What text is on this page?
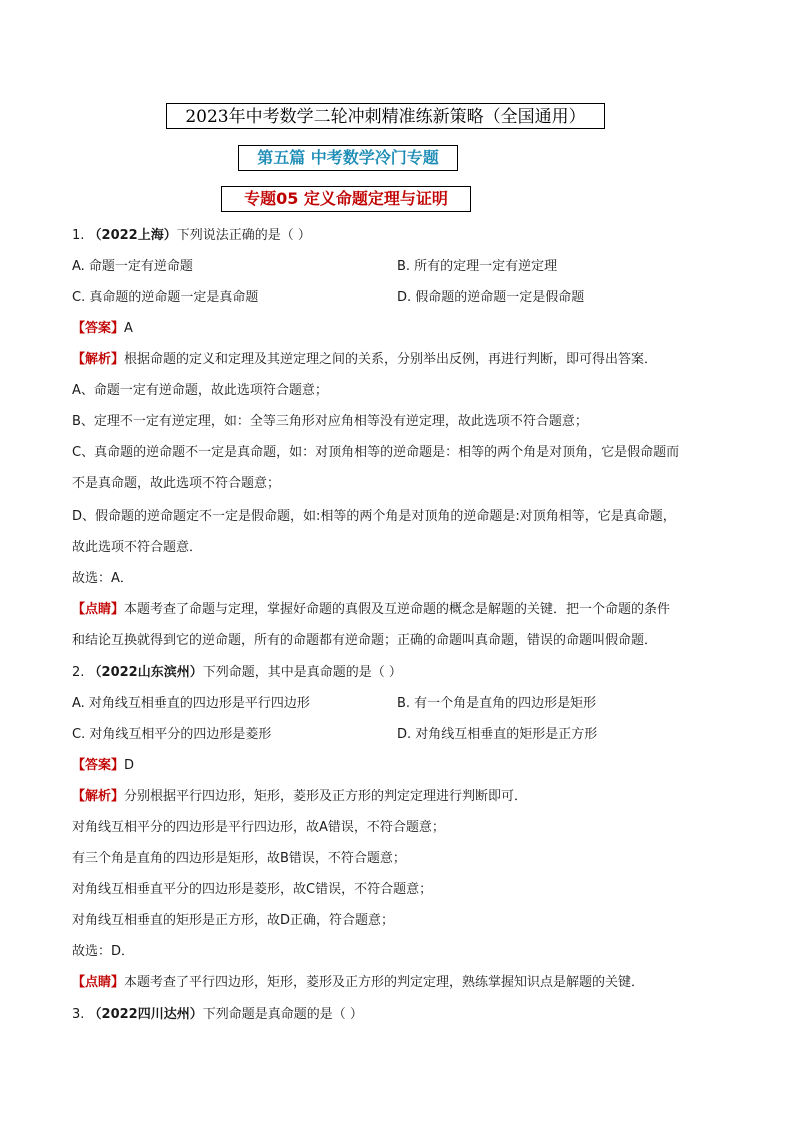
2023年中考数学二轮冲刺精准练新策略（全国通用）
第五篇 中考数学冷门专题
专题05 定义命题定理与证明
1. （2022上海）下列说法正确的是（ ）
A. 命题一定有逆命题	B. 所有的定理一定有逆定理
C. 真命题的逆命题一定是真命题	D. 假命题的逆命题一定是假命题
【答案】A
【解析】根据命题的定义和定理及其逆定理之间的关系，分别举出反例，再进行判断，即可得出答案．
A、命题一定有逆命题，故此选项符合题意；
B、定理不一定有逆定理，如：全等三角形对应角相等没有逆定理，故此选项不符合题意；
C、真命题的逆命题不一定是真命题，如：对顶角相等的逆命题是：相等的两个角是对顶角，它是假命题而
不是真命题，故此选项不符合题意；
D、假命题的逆命题定不一定是假命题，如:相等的两个角是对顶角的逆命题是:对顶角相等，它是真命题，
故此选项不符合题意．
故选：A．
【点睛】本题考查了命题与定理，掌握好命题的真假及互逆命题的概念是解题的关键．把一个命题的条件
和结论互换就得到它的逆命题，所有的命题都有逆命题；正确的命题叫真命题，错误的命题叫假命题．
2. （2022山东滨州）下列命题，其中是真命题的是（ ）
A. 对角线互相垂直的四边形是平行四边形	B. 有一个角是直角的四边形是矩形
C. 对角线互相平分的四边形是菱形	D. 对角线互相垂直的矩形是正方形
【答案】D
【解析】分别根据平行四边形，矩形，菱形及正方形的判定定理进行判断即可．
对角线互相平分的四边形是平行四边形，故A错误，不符合题意；
有三个角是直角的四边形是矩形，故B错误，不符合题意；
对角线互相垂直平分的四边形是菱形，故C错误，不符合题意；
对角线互相垂直的矩形是正方形，故D正确，符合题意；
故选：D．
【点睛】本题考查了平行四边形，矩形，菱形及正方形的判定定理，熟练掌握知识点是解题的关键．
3. （2022四川达州）下列命题是真命题的是（ ）
